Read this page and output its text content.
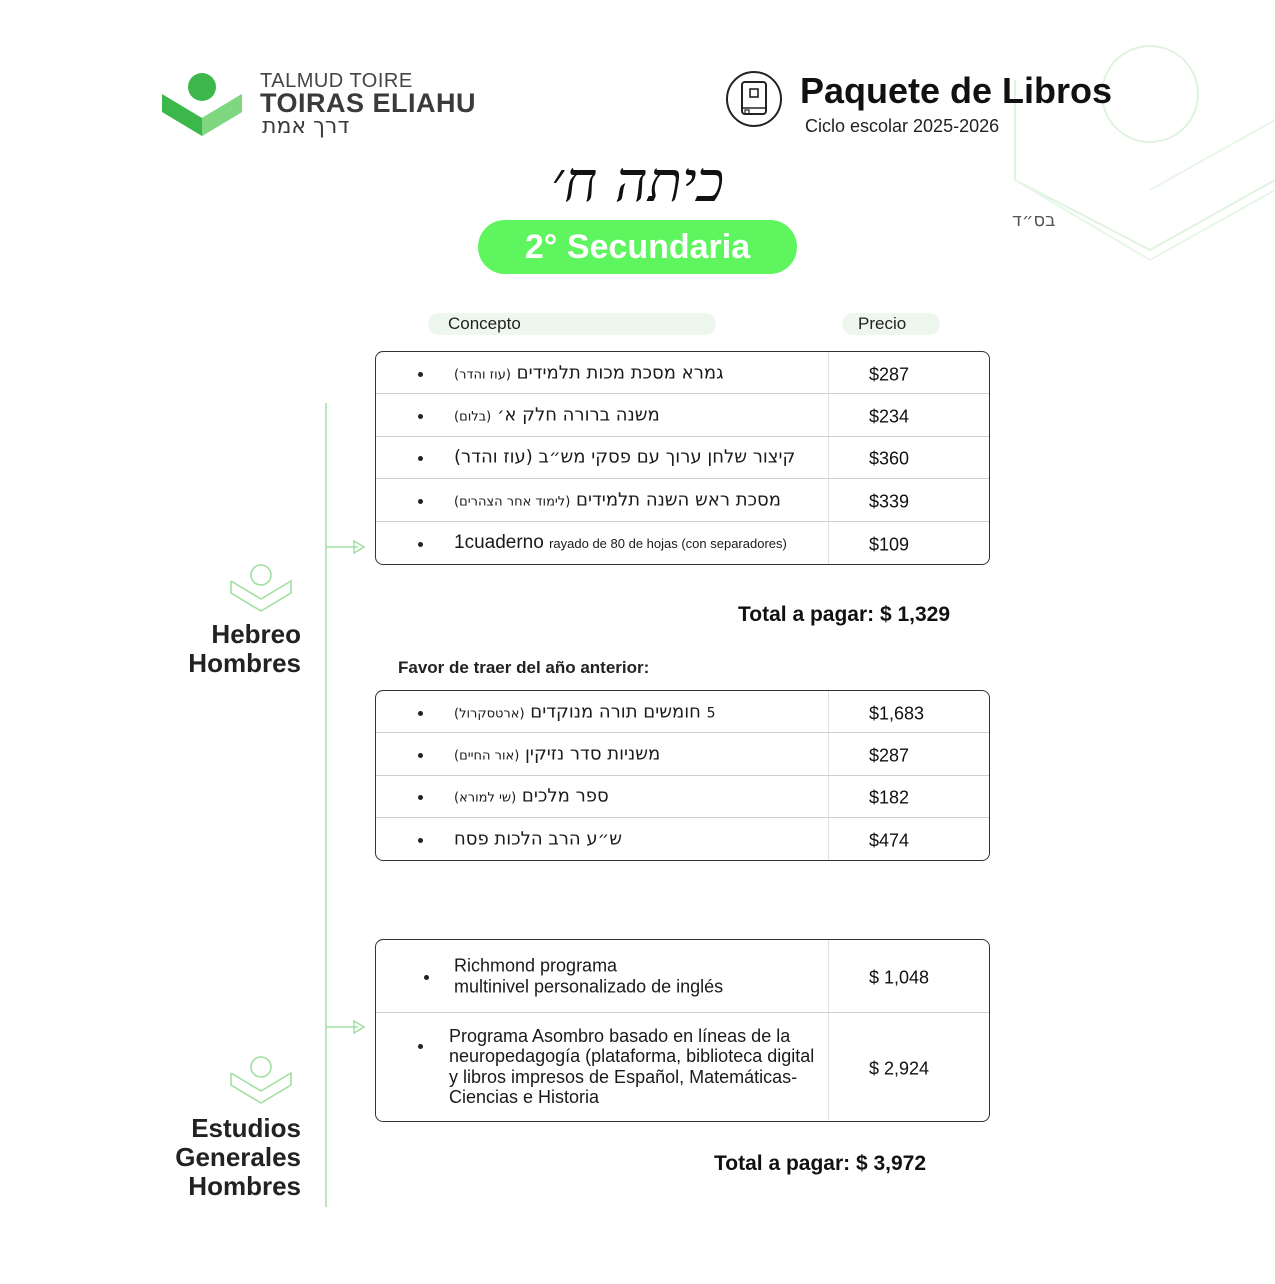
TALMUD TOIRE
TOIRAS ELIAHU
דרך אמת
Paquete de Libros
Ciclo escolar 2025-2026
בס״ד
כיתה ח׳
2° Secundaria
Concepto	Precio
Hebreo
Hombres
Estudios
Generales
Hombres
גמרא מסכת מכות תלמידים (עוז והדר)	$287
משנה ברורה חלק א׳ (בלום)	$234
קיצור שלחן ערוך עם פסקי מש״ב (עוז והדר)	$360
מסכת ראש השנה תלמידים (לימוד אחר הצהרים)	$339
1cuaderno rayado de 80 de hojas (con separadores)	$109
Total a pagar: $ 1,329
Favor de traer del año anterior:
5 חומשים תורה מנוקדים (ארטסקרול)	$1,683
משניות סדר נזיקין (אור החיים)	$287
ספר מלכים (שי למורא)	$182
ש״ע הרב הלכות פסח	$474
Richmond programa
multinivel personalizado de inglés	$ 1,048
Programa Asombro basado en líneas de la
neuropedagogía (plataforma, biblioteca digital
y libros impresos de Español, Matemáticas-
Ciencias e Historia
$ 2,924
Total a pagar: $ 3,972
